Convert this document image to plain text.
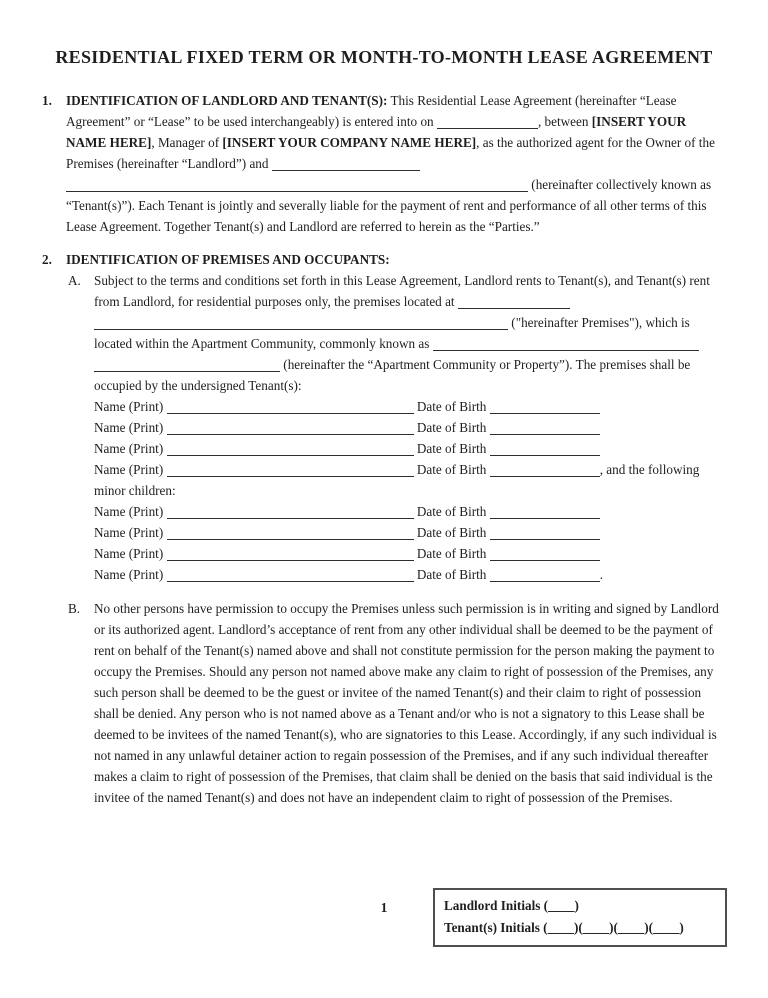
RESIDENTIAL FIXED TERM OR MONTH-TO-MONTH LEASE AGREEMENT
1. IDENTIFICATION OF LANDLORD AND TENANT(S): This Residential Lease Agreement (hereinafter “Lease Agreement” or “Lease” to be used interchangeably) is entered into on	, between [INSERT YOUR NAME HERE], Manager of [INSERT YOUR COMPANY NAME HERE], as the authorized agent for the Owner of the Premises (hereinafter “Landlord”) and   (hereinafter collectively known as “Tenant(s)”). Each Tenant is jointly and severally liable for the payment of rent and performance of all other terms of this Lease Agreement. Together Tenant(s) and Landlord are referred to herein as the “Parties.”

2. IDENTIFICATION OF PREMISES AND OCCUPANTS:

A. Subject to the terms and conditions set forth in this Lease Agreement, Landlord rents to Tenant(s), and Tenant(s) rent from Landlord, for residential purposes only, the premises located at   ("hereinafter Premises"), which is located within the Apartment Community, commonly known as   (hereinafter the “Apartment Community or Property”). The premises shall be occupied by the undersigned Tenant(s):

Name (Print)	Date of Birth
Name (Print)	Date of Birth
Name (Print)	Date of Birth
Name (Print)	Date of Birth	, and the following
minor children:
Name (Print)	Date of Birth
Name (Print)	Date of Birth
Name (Print)	Date of Birth
Name (Print)	Date of Birth	.
B. No other persons have permission to occupy the Premises unless such permission is in writing and signed by Landlord or its authorized agent. Landlord’s acceptance of rent from any other individual shall be deemed to be the payment of rent on behalf of the Tenant(s) named above and shall not constitute permission for the person making the payment to occupy the Premises. Should any person not named above make any claim to right of possession of the Premises, any such person shall be deemed to be the guest or invitee of the named Tenant(s) and their claim to right of possession shall be denied. Any person who is not named above as a Tenant and/or who is not a signatory to this Lease shall be deemed to be invitees of the named Tenant(s), who are signatories to this Lease. Accordingly, if any such individual is not named in any unlawful detainer action to regain possession of the Premises, and if any such individual thereafter makes a claim to right of possession of the Premises, that claim shall be denied on the basis that said individual is the invitee of the named Tenant(s) and does not have an independent claim to right of possession of the Premises.

1	Landlord Initials (____)
Tenant(s) Initials (____)(____)(____)(____)
